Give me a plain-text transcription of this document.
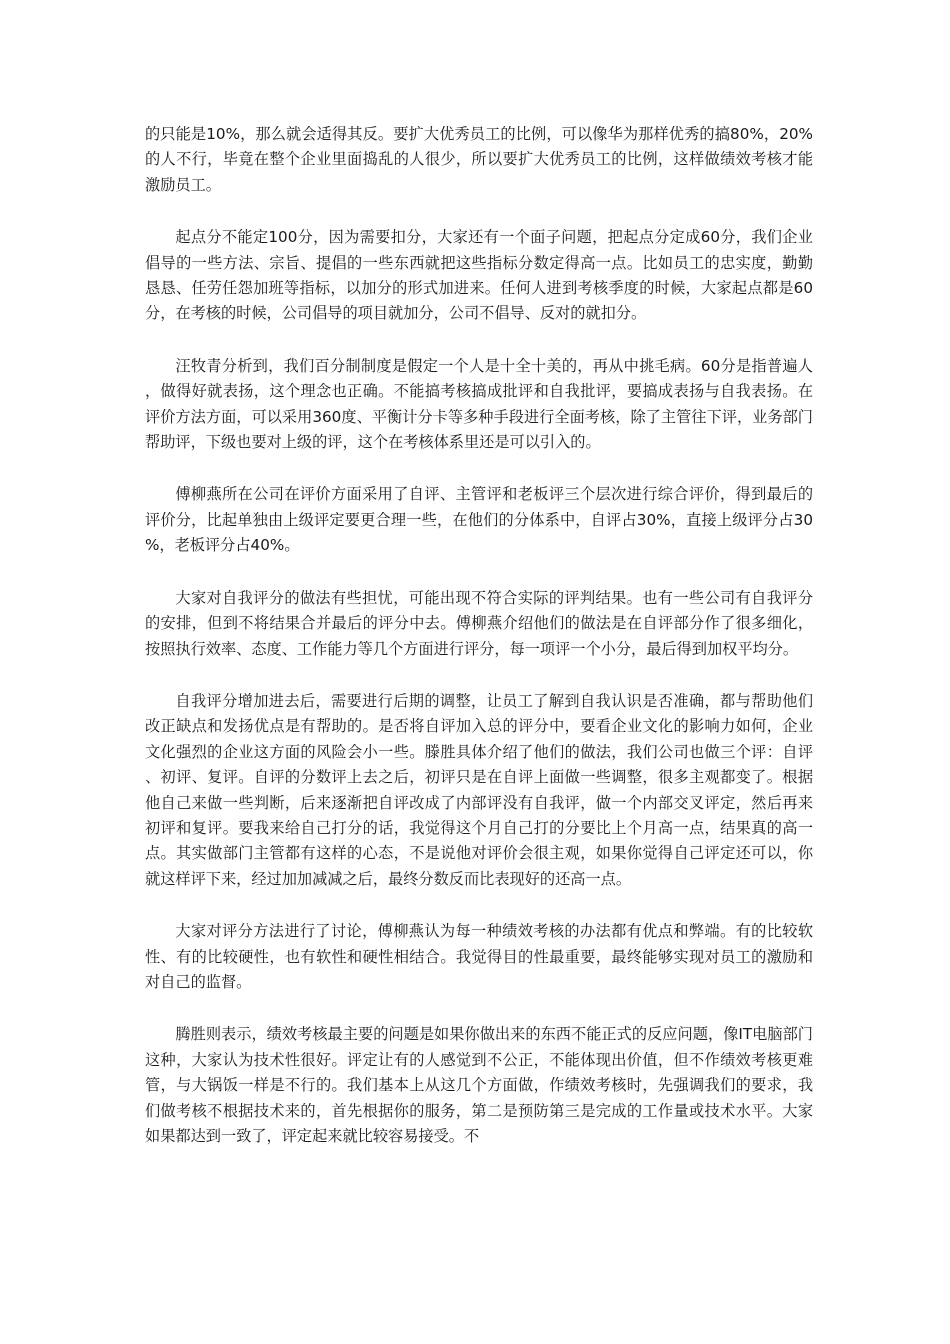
的只能是10%，那么就会适得其反。要扩大优秀员工的比例，可以像华为那样优秀的搞80%，20%的人不行，毕竟在整个企业里面捣乱的人很少，所以要扩大优秀员工的比例，这样做绩效考核才能激励员工。

起点分不能定100分，因为需要扣分，大家还有一个面子问题，把起点分定成60分，我们企业倡导的一些方法、宗旨、提倡的一些东西就把这些指标分数定得高一点。比如员工的忠实度，勤勤恳恳、任劳任怨加班等指标，以加分的形式加进来。任何人进到考核季度的时候，大家起点都是60分，在考核的时候，公司倡导的项目就加分，公司不倡导、反对的就扣分。

汪牧青分析到，我们百分制制度是假定一个人是十全十美的，再从中挑毛病。60分是指普遍人，做得好就表扬，这个理念也正确。不能搞考核搞成批评和自我批评，要搞成表扬与自我表扬。在评价方法方面，可以采用360度、平衡计分卡等多种手段进行全面考核，除了主管往下评，业务部门帮助评，下级也要对上级的评，这个在考核体系里还是可以引入的。

傅柳燕所在公司在评价方面采用了自评、主管评和老板评三个层次进行综合评价，得到最后的评价分，比起单独由上级评定要更合理一些，在他们的分体系中，自评占30%，直接上级评分占30%，老板评分占40%。

大家对自我评分的做法有些担忧，可能出现不符合实际的评判结果。也有一些公司有自我评分的安排，但到不将结果合并最后的评分中去。傅柳燕介绍他们的做法是在自评部分作了很多细化，按照执行效率、态度、工作能力等几个方面进行评分，每一项评一个小分，最后得到加权平均分。

自我评分增加进去后，需要进行后期的调整，让员工了解到自我认识是否准确，都与帮助他们改正缺点和发扬优点是有帮助的。是否将自评加入总的评分中，要看企业文化的影响力如何，企业文化强烈的企业这方面的风险会小一些。滕胜具体介绍了他们的做法，我们公司也做三个评：自评、初评、复评。自评的分数评上去之后，初评只是在自评上面做一些调整，很多主观都变了。根据他自己来做一些判断，后来逐渐把自评改成了内部评没有自我评，做一个内部交叉评定，然后再来初评和复评。要我来给自己打分的话，我觉得这个月自己打的分要比上个月高一点，结果真的高一点。其实做部门主管都有这样的心态，不是说他对评价会很主观，如果你觉得自己评定还可以，你就这样评下来，经过加加减减之后，最终分数反而比表现好的还高一点。

大家对评分方法进行了讨论，傅柳燕认为每一种绩效考核的办法都有优点和弊端。有的比较软性、有的比较硬性，也有软性和硬性相结合。我觉得目的性最重要，最终能够实现对员工的激励和对自己的监督。

腾胜则表示，绩效考核最主要的问题是如果你做出来的东西不能正式的反应问题，像IT电脑部门这种，大家认为技术性很好。评定让有的人感觉到不公正，不能体现出价值，但不作绩效考核更难管，与大锅饭一样是不行的。我们基本上从这几个方面做，作绩效考核时，先强调我们的要求，我们做考核不根据技术来的，首先根据你的服务，第二是预防第三是完成的工作量或技术水平。大家如果都达到一致了，评定起来就比较容易接受。不
